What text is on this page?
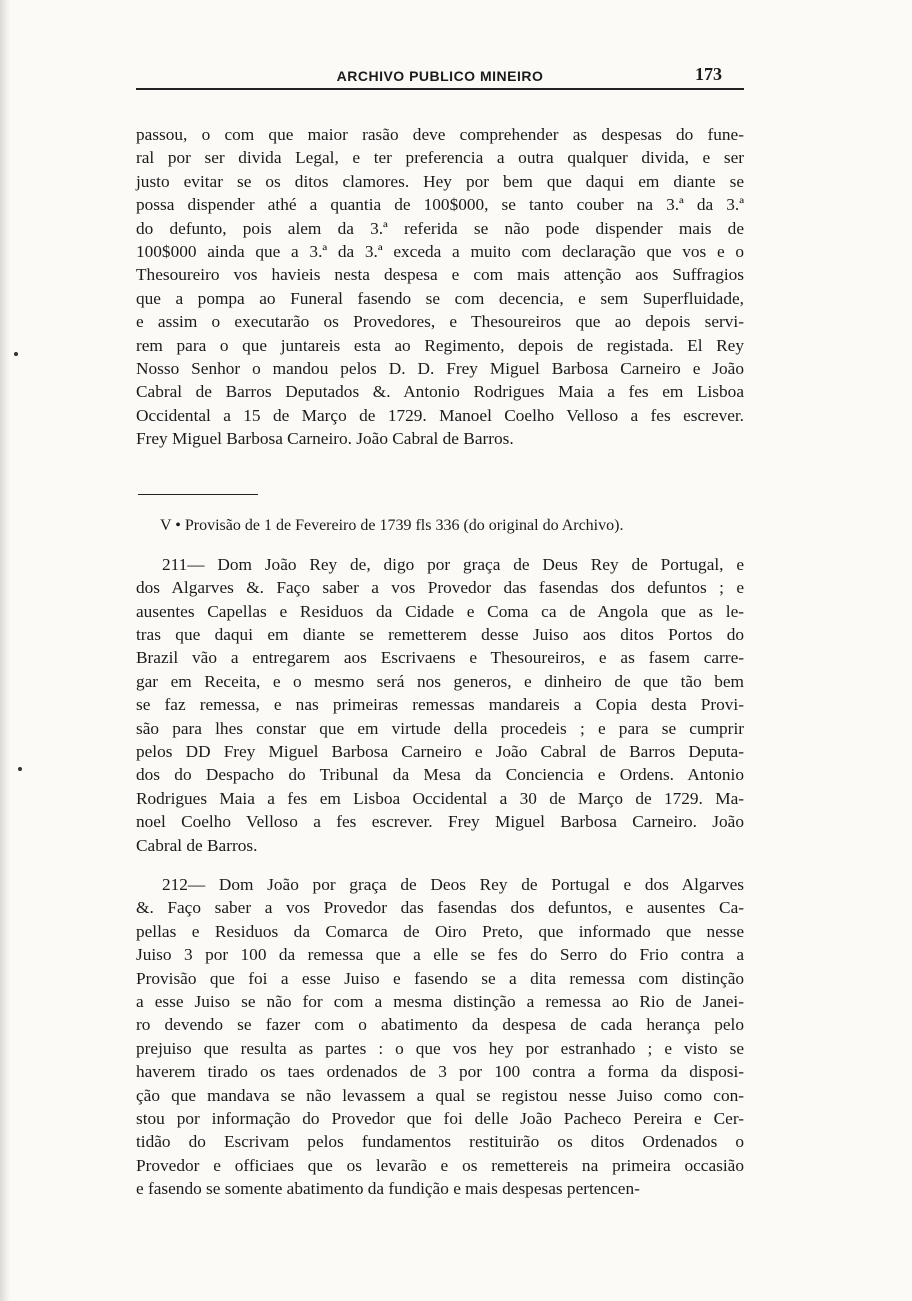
ARCHIVO PUBLICO MINEIRO	173

passou, o com que maior rasão deve comprehender as despesas do fune-
ral por ser divida Legal, e ter preferencia a outra qualquer divida, e ser
justo evitar se os ditos clamores. Hey por bem que daqui em diante se
possa dispender athé a quantia de 100$000, se tanto couber na 3.ª da 3.ª
do defunto, pois alem da 3.ª referida se não pode dispender mais de
100$000 ainda que a 3.ª da 3.ª exceda a muito com declaração que vos e o
Thesoureiro vos havieis nesta despesa e com mais attenção aos Suffragios
que a pompa ao Funeral fasendo se com decencia, e sem Superfluidade,
e assim o executarão os Provedores, e Thesoureiros que ao depois servi-
rem para o que juntareis esta ao Regimento, depois de registada. El Rey
Nosso Senhor o mandou pelos D. D. Frey Miguel Barbosa Carneiro e João
Cabral de Barros Deputados &. Antonio Rodrigues Maia a fes em Lisboa
Occidental a 15 de Março de 1729. Manoel Coelho Velloso a fes escrever.
Frey Miguel Barbosa Carneiro. João Cabral de Barros.

V • Provisão de 1 de Fevereiro de 1739 fls 336 (do original do Archivo).

211— Dom João Rey de, digo por graça de Deus Rey de Portugal, e
dos Algarves &. Faço saber a vos Provedor das fasendas dos defuntos ; e
ausentes Capellas e Residuos da Cidade e Coma ca de Angola que as le-
tras que daqui em diante se remetterem desse Juiso aos ditos Portos do
Brazil vão a entregarem aos Escrivaens e Thesoureiros, e as fasem carre-
gar em Receita, e o mesmo será nos generos, e dinheiro de que tão bem
se faz remessa, e nas primeiras remessas mandareis a Copia desta Provi-
são para lhes constar que em virtude della procedeis ; e para se cumprir
pelos DD Frey Miguel Barbosa Carneiro e João Cabral de Barros Deputa-
dos do Despacho do Tribunal da Mesa da Conciencia e Ordens. Antonio
Rodrigues Maia a fes em Lisboa Occidental a 30 de Março de 1729. Ma-
noel Coelho Velloso a fes escrever. Frey Miguel Barbosa Carneiro. João
Cabral de Barros.

212— Dom João por graça de Deos Rey de Portugal e dos Algarves
&. Faço saber a vos Provedor das fasendas dos defuntos, e ausentes Ca-
pellas e Residuos da Comarca de Oiro Preto, que informado que nesse
Juiso 3 por 100 da remessa que a elle se fes do Serro do Frio contra a
Provisão que foi a esse Juiso e fasendo se a dita remessa com distinção
a esse Juiso se não for com a mesma distinção a remessa ao Rio de Janei-
ro devendo se fazer com o abatimento da despesa de cada herança pelo
prejuiso que resulta as partes : o que vos hey por estranhado ; e visto se
haverem tirado os taes ordenados de 3 por 100 contra a forma da disposi-
ção que mandava se não levassem a qual se registou nesse Juiso como con-
stou por informação do Provedor que foi delle João Pacheco Pereira e Cer-
tidão do Escrivam pelos fundamentos restituirão os ditos Ordenados o
Provedor e officiaes que os levarão e os remettereis na primeira occasião
e fasendo se somente abatimento da fundição e mais despesas pertencen-
